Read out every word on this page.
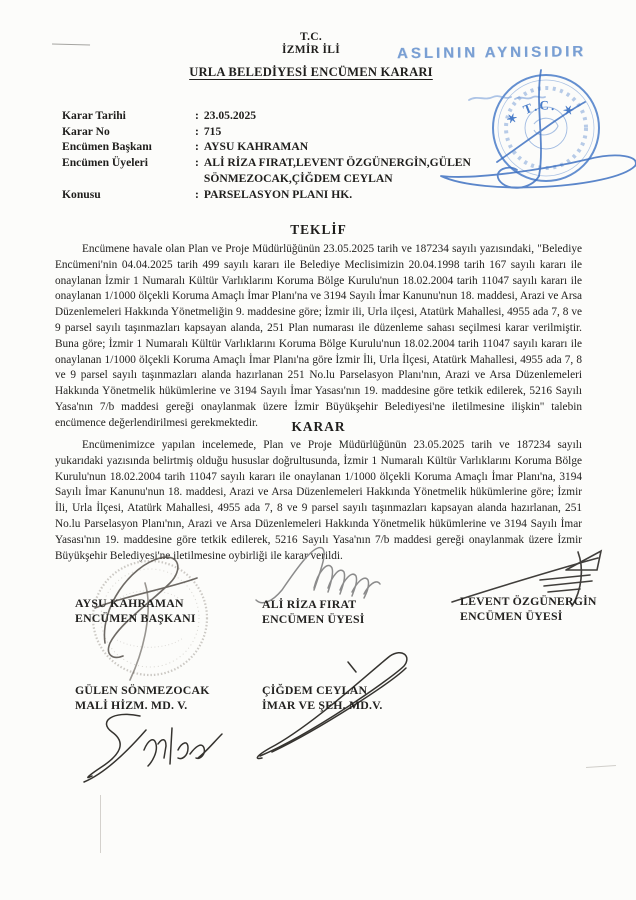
T.C.
İZMİR İLİ
URLA BELEDİYESİ ENCÜMEN KARARI
ASLININ AYNISIDIR
✶ T.C. ✶
Karar Tarihi	: 23.05.2025
Karar No	: 715
Encümen Başkanı	: AYSU KAHRAMAN
Encümen Üyeleri	: ALİ RİZA FIRAT,LEVENT ÖZGÜNERGİN,GÜLEN SÖNMEZOCAK,ÇİĞDEM CEYLAN
Konusu	: PARSELASYON PLANI HK.
TEKLİF
Encümene havale olan Plan ve Proje Müdürlüğünün 23.05.2025 tarih ve 187234 sayılı yazısındaki, "Belediye Encümeni'nin 04.04.2025 tarih 499 sayılı kararı ile Belediye Meclisimizin 20.04.1998 tarih 167 sayılı kararı ile onaylanan İzmir 1 Numaralı Kültür Varlıklarını Koruma Bölge Kurulu'nun 18.02.2004 tarih 11047 sayılı kararı ile onaylanan 1/1000 ölçekli Koruma Amaçlı İmar Planı'na ve 3194 Sayılı İmar Kanunu'nun 18. maddesi, Arazi ve Arsa Düzenlemeleri Hakkında Yönetmeliğin 9. maddesine göre; İzmir ili, Urla ilçesi, Atatürk Mahallesi, 4955 ada 7, 8 ve 9 parsel sayılı taşınmazları kapsayan alanda, 251 Plan numarası ile düzenleme sahası seçilmesi karar verilmiştir. Buna göre; İzmir 1 Numaralı Kültür Varlıklarını Koruma Bölge Kurulu'nun 18.02.2004 tarih 11047 sayılı kararı ile onaylanan 1/1000 ölçekli Koruma Amaçlı İmar Planı'na göre İzmir İli, Urla İlçesi, Atatürk Mahallesi, 4955 ada 7, 8 ve 9 parsel sayılı taşınmazları alanda hazırlanan 251 No.lu Parselasyon Planı'nın, Arazi ve Arsa Düzenlemeleri Hakkında Yönetmelik hükümlerine ve 3194 Sayılı İmar Yasası'nın 19. maddesine göre tetkik edilerek, 5216 Sayılı Yasa'nın 7/b maddesi gereği onaylanmak üzere İzmir Büyükşehir Belediyesi'ne iletilmesine ilişkin" talebin encümence değerlendirilmesi gerekmektedir.	KARAR
Encümenimizce yapılan incelemede, Plan ve Proje Müdürlüğünün 23.05.2025 tarih ve 187234 sayılı yukarıdaki yazısında belirtmiş olduğu hususlar doğrultusunda, İzmir 1 Numaralı Kültür Varlıklarını Koruma Bölge Kurulu'nun 18.02.2004 tarih 11047 sayılı kararı ile onaylanan 1/1000 ölçekli Koruma Amaçlı İmar Planı'na, 3194 Sayılı İmar Kanunu'nun 18. maddesi, Arazi ve Arsa Düzenlemeleri Hakkında Yönetmelik hükümlerine göre; İzmir İli, Urla İlçesi, Atatürk Mahallesi, 4955 ada 7, 8 ve 9 parsel sayılı taşınmazları kapsayan alanda hazırlanan, 251 No.lu Parselasyon Planı'nın, Arazi ve Arsa Düzenlemeleri Hakkında Yönetmelik hükümlerine ve 3194 Sayılı İmar Yasası'nın 19. maddesine göre tetkik edilerek, 5216 Sayılı Yasa'nın 7/b maddesi gereği onaylanmak üzere İzmir Büyükşehir Belediyesi'ne iletilmesine oybirliği ile karar verildi.
AYSU KAHRAMAN
ENCÜMEN BAŞKANI
ALİ RİZA FIRAT
ENCÜMEN ÜYESİ
LEVENT ÖZGÜNERGİN
ENCÜMEN ÜYESİ
GÜLEN SÖNMEZOCAK
MALİ HİZM. MD. V.
ÇİĞDEM CEYLAN
İMAR VE ŞEH. MD.V.
